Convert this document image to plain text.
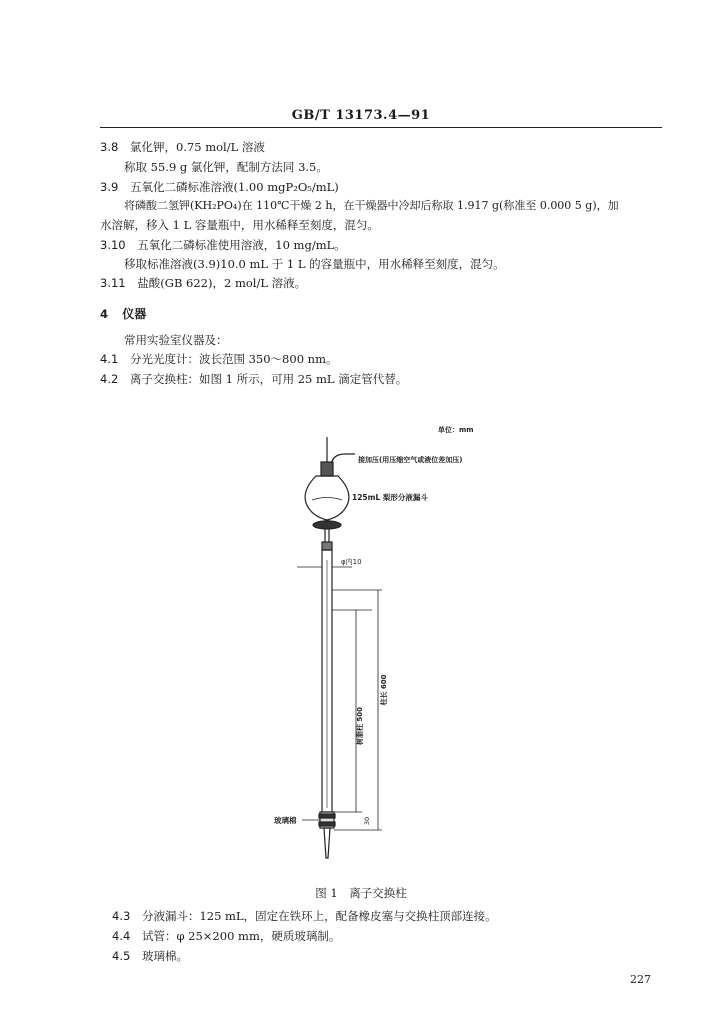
GB/T 13173.4—91
3.8 氯化钾，0.75 mol/L 溶液
称取 55.9 g 氯化钾，配制方法同 3.5。
3.9 五氧化二磷标准溶液(1.00 mgP₂O₅/mL)
将磷酸二氢钾(KH₂PO₄)在 110℃干燥 2 h，在干燥器中冷却后称取 1.917 g(称准至 0.000 5 g)，加
水溶解，移入 1 L 容量瓶中，用水稀释至刻度，混匀。
3.10 五氧化二磷标准使用溶液，10 mg/mL。
移取标准溶液(3.9)10.0 mL 于 1 L 的容量瓶中，用水稀释至刻度，混匀。
3.11 盐酸(GB 622)，2 mol/L 溶液。
4 仪器
常用实验室仪器及：
4.1 分光光度计：波长范围 350～800 nm。
4.2 离子交换柱：如图 1 所示，可用 25 mL 滴定管代替。
单位：mm
接加压(用压缩空气或液位差加压)
125mL 梨形分液漏斗
φ内10
树脂柱 500
柱长 600
玻璃棉	30
图 1　离子交换柱
4.3 分液漏斗：125 mL，固定在铁环上，配备橡皮塞与交换柱顶部连接。
4.4 试管：φ 25×200 mm，硬质玻璃制。
4.5 玻璃棉。
227
